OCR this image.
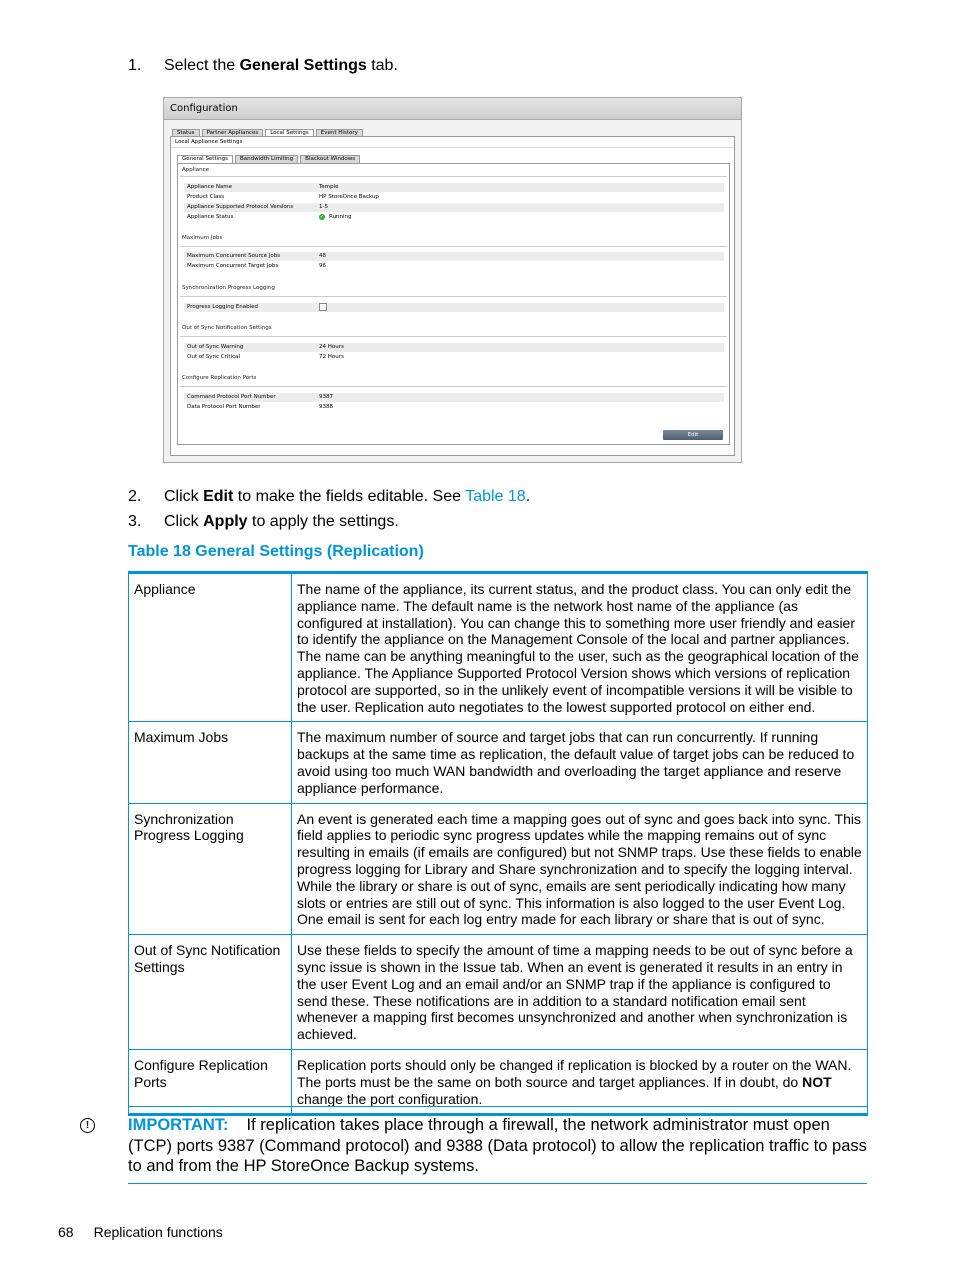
1. Select the General Settings tab.
Configuration
Status	Partner Appliances	Local Settings	Event History
Local Appliance Settings
General Settings	Bandwidth Limiting	Blackout Windows
Appliance
Appliance Name	Temple
Product Class	HP StoreOnce Backup
Appliance Supported Protocol Versions	1-5
Appliance Status	✓ Running
Maximum Jobs
Maximum Concurrent Source Jobs	48
Maximum Concurrent Target Jobs	96
Synchronization Progress Logging
Progress Logging Enabled
Out of Sync Notification Settings
Out of Sync Warning	24 Hours
Out of Sync Critical	72 Hours
Configure Replication Ports
Command Protocol Port Number	9387
Data Protocol Port Number	9388
Edit
2. Click Edit to make the fields editable. See Table 18.
3. Click Apply to apply the settings.
Table 18 General Settings (Replication)
Appliance	The name of the appliance, its current status, and the product class. You can only edit the appliance name. The default name is the network host name of the appliance (as configured at installation). You can change this to something more user friendly and easier to identify the appliance on the Management Console of the local and partner appliances. The name can be anything meaningful to the user, such as the geographical location of the appliance. The Appliance Supported Protocol Version shows which versions of replication protocol are supported, so in the unlikely event of incompatible versions it will be visible to the user. Replication auto negotiates to the lowest supported protocol on either end.
Maximum Jobs	The maximum number of source and target jobs that can run concurrently. If running backups at the same time as replication, the default value of target jobs can be reduced to avoid using too much WAN bandwidth and overloading the target appliance and reserve appliance performance.
Synchronization Progress Logging	An event is generated each time a mapping goes out of sync and goes back into sync. This field applies to periodic sync progress updates while the mapping remains out of sync resulting in emails (if emails are configured) but not SNMP traps. Use these fields to enable progress logging for Library and Share synchronization and to specify the logging interval. While the library or share is out of sync, emails are sent periodically indicating how many slots or entries are still out of sync. This information is also logged to the user Event Log. One email is sent for each log entry made for each library or share that is out of sync.
Out of Sync Notification Settings	Use these fields to specify the amount of time a mapping needs to be out of sync before a sync issue is shown in the Issue tab. When an event is generated it results in an entry in the user Event Log and an email and/or an SNMP trap if the appliance is configured to send these. These notifications are in addition to a standard notification email sent whenever a mapping first becomes unsynchronized and another when synchronization is achieved.
Configure Replication Ports	Replication ports should only be changed if replication is blocked by a router on the WAN. The ports must be the same on both source and target appliances. If in doubt, do NOT change the port configuration.
!	IMPORTANT: If replication takes place through a firewall, the network administrator must open (TCP) ports 9387 (Command protocol) and 9388 (Data protocol) to allow the replication traffic to pass to and from the HP StoreOnce Backup systems.
68 Replication functions
